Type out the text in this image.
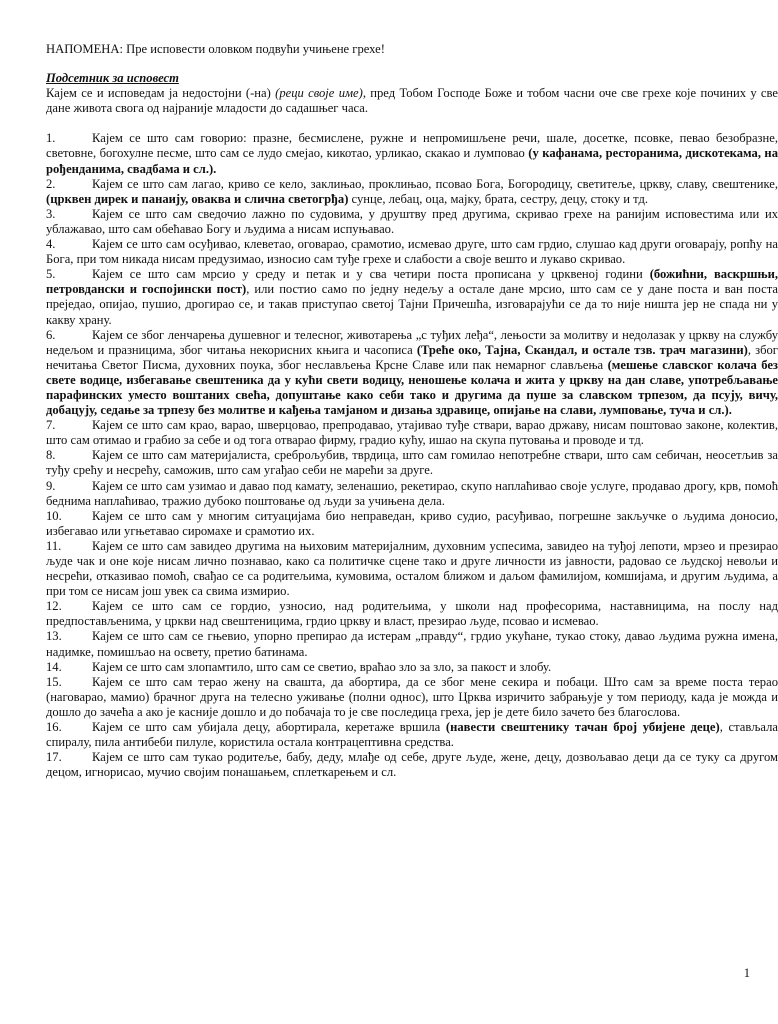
НАПОМЕНА: Пре исповести оловком подвући учињене грехе!

Подсетник за исповест

Кајем се и исповедам ја недостојни (-на) (реци своје име), пред Тобом Господе Боже и тобом часни оче све грехе које починих у све дане живота свога од најраније младости до садашњег часа.

1.	Кајем се што сам говорио: празне, бесмислене, ружне и непромишљене речи, шале, досетке, псовке, певао безобразне, световне, богохулне песме, што сам се лудо смејао, кикотао, урликао, скакао и лумповао (у кафанама, ресторанима, дискотекама, на рођенданима, свадбама и сл.).

2.	Кајем се што сам лагао, криво се кело, заклињао, проклињао, псовао Бога, Богородицу, светитеље, цркву, славу, свештенике, (црквен дирек и панаију, оваква и слична светогрђа) сунце, лебац, оца, мајку, брата, сестру, децу, стоку и тд.

3.	Кајем се што сам сведочио лажно по судовима, у друштву пред другима, скривао грехе на ранијим исповестима или их ублажавао, што сам обећавао Богу и људима а нисам испуњавао.

4.	Кајем се што сам осуђивао, клеветао, оговарао, срамотио, исмевао друге, што сам грдио, слушао кад други оговарају, ропћу на Бога, при том никада нисам предузимао, износио сам туђе грехе и слабости а своје вешто и лукаво скривао.

5.	Кајем се што сам мрсио у среду и петак и у сва четири поста прописана у црквеној години (божићни, васкршњи, петровдански и госпојински пост), или постио само по једну недељу а остале дане мрсио, што сам се у дане поста и ван поста преједао, опијао, пушио, дрогирао се, и такав приступао светој Тајни Причешћа, изговарајући се да то није ништа јер не спада ни у какву храну.

6.	Кајем се због ленчарења душевног и телесног, животарења „с туђих леђа“, лењости за молитву и недолазак у цркву на службу недељом и празницима, због читања некорисних књига и часописа (Треће око, Тајна, Скандал, и остале тзв. трач магазини), због нечитања Светог Писма, духовних поука, због неслављења Крсне Славе или пак немарног слављења (мешење славског колача без свете водице, избегавање свештеника да у кући свети водицу, неношење колача и жита у цркву на дан славе, употребљавање парафинских уместо воштаних свећа, допуштање како себи тако и другима да пуше за славском трпезом, да псују, вичу, добацују, седање за трпезу без молитве и кађења тамјаном и дизања здравице, опијање на слави, лумповање, туча и сл.).

7.	Кајем се што сам крао, варао, шверцовао, препродавао, утајивао туђе ствари, варао државу, нисам поштовао законе, колектив, што сам отимао и грабио за себе и од тога отварао фирму, градио кућу, ишао на скупа путовања и проводе и тд.

8.	Кајем се што сам материјалиста, среброљубив, тврдица, што сам гомилао непотребне ствари, што сам себичан, неосетљив за туђу срећу и несрећу, саможив, што сам угађао себи не марећи за друге.

9.	Кајем се што сам узимао и давао под камату, зеленашио, рекетирао, скупо наплаћивао своје услуге, продавао дрогу, крв, помоћ беднима наплаћивао, тражио дубоко поштовање од људи за учињена дела.

10. Кајем се што сам у многим ситуацијама био неправедан, криво судио, расуђивао, погрешне закључке о људима доносио, избегавао или угњетавао сиромахе и срамотио их.

11. Кајем се што сам завидео другима на њиховим материјалним, духовним успесима, завидео на туђој лепоти, мрзео и презирао људе чак и оне које нисам лично познавао, како са политичке сцене тако и друге личности из јавности, радовао се људској невољи и несрећи, отказивао помоћ, свађао се са родитељима, кумовима, осталом ближом и даљом фамилијом, комшијама, и другим људима, а при том се нисам још увек са свима измирио.

12. Кајем се што сам се гордио, узносио, над родитељима, у школи над професорима, наставницима, на послу над предпостављенима, у цркви над свештеницима, грдио цркву и власт, презирао људе, псовао и исмевао.

13. Кајем се што сам се гњевио, упорно препирао да истерам „правду“, грдио укућане, тукао стоку, давао људима ружна имена, надимке, помишљао на освету, претио батинама.

14. Кајем се што сам злопамтило, што сам се светио, враћао зло за зло, за пакост и злобу.

15. Кајем се што сам терао жену на свашта, да абортира, да се због мене секира и побаци. Што сам за време поста терао (наговарао, мамио) брачног друга на телесно уживање (полни однос), што Црква изричито забрањује у том периоду, када је можда и дошло до зачећа а ако је касније дошло и до побачаја то је све последица греха, јер је дете било зачето без благослова.

16. Кајем се што сам убијала децу, абортирала, керетаже вршила (навести свештенику тачан број убијене деце), стављала спиралу, пила антибеби пилуле, користила остала контрацептивна средства.

17. Кајем се што сам тукао родитеље, бабу, деду, млађе од себе, друге људе, жене, децу, дозвољавао деци да се туку са другом децом, игнорисао, мучио својим понашањем, сплеткарењем и сл.

1
